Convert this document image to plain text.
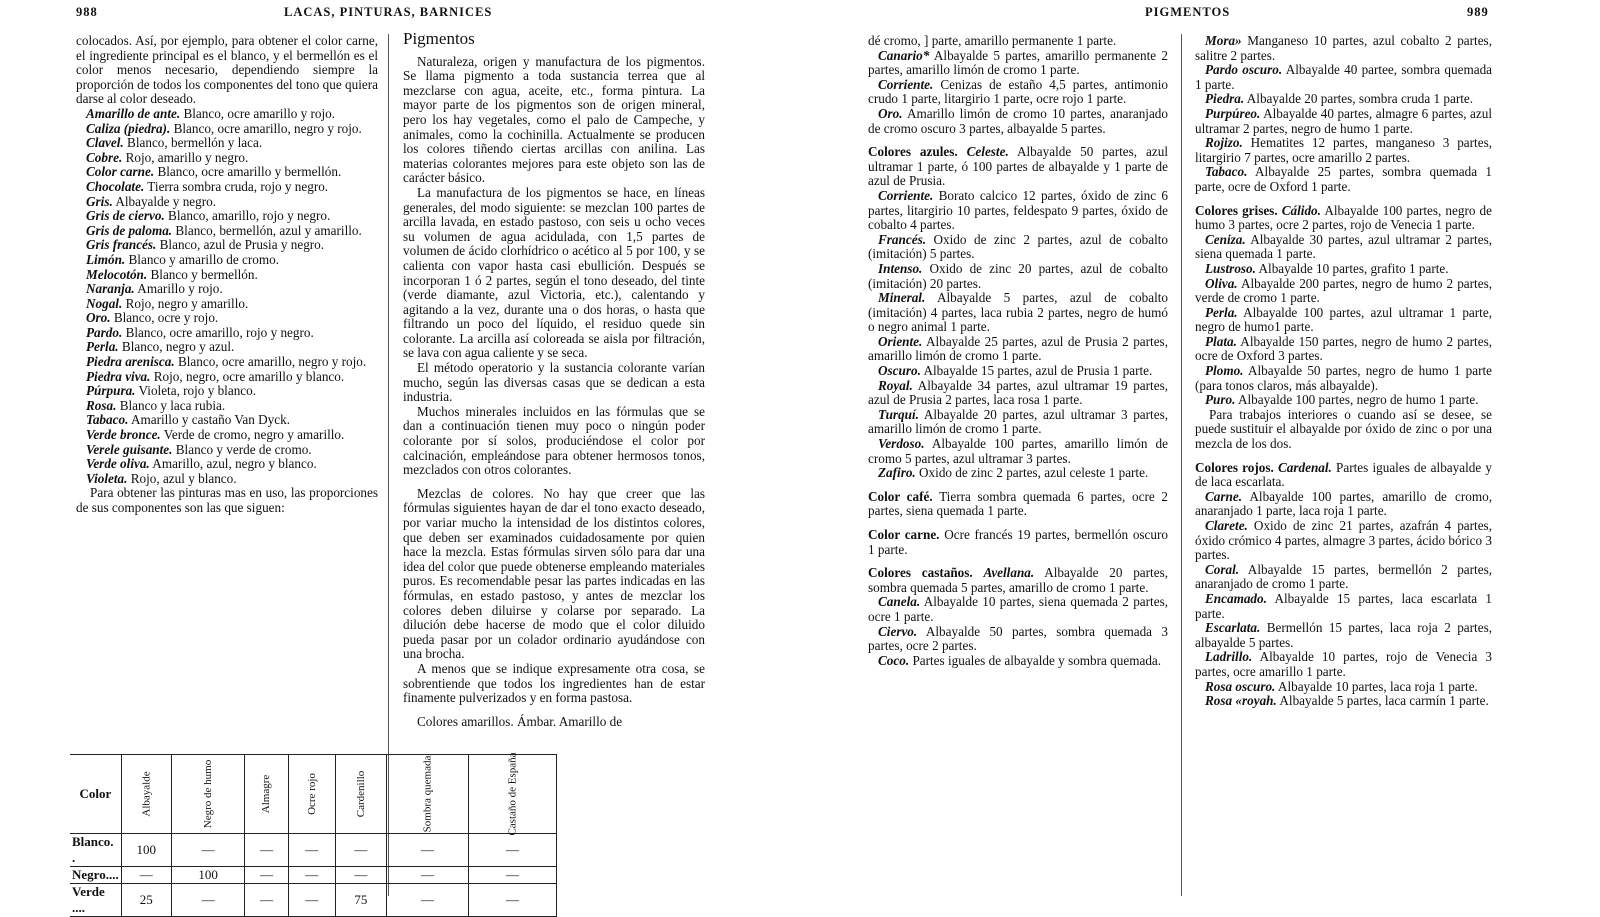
988	LACAS, PINTURAS, BARNICES	PIGMENTOS	989

colocados. Así, por ejemplo, para obtener el color carne, el ingrediente principal es el blanco, y el bermellón es el color menos necesario, dependiendo siempre la proporción de todos los componentes del tono que quiera darse al color deseado.

Amarillo de ante. Blanco, ocre amarillo y rojo.

Caliza (piedra). Blanco, ocre amarillo, negro y rojo.

Clavel. Blanco, bermellón y laca.

Cobre. Rojo, amarillo y negro.

Color carne. Blanco, ocre amarillo y bermellón.

Chocolate. Tierra sombra cruda, rojo y negro.

Gris. Albayalde y negro.

Gris de ciervo. Blanco, amarillo, rojo y negro.

Gris de paloma. Blanco, bermellón, azul y amarillo.

Gris francés. Blanco, azul de Prusia y negro.

Limón. Blanco y amarillo de cromo.

Melocotón. Blanco y bermellón.

Naranja. Amarillo y rojo.

Nogal. Rojo, negro y amarillo.

Oro. Blanco, ocre y rojo.

Pardo. Blanco, ocre amarillo, rojo y negro.

Perla. Blanco, negro y azul.

Piedra arenisca. Blanco, ocre amarillo, negro y rojo.

Piedra viva. Rojo, negro, ocre amarillo y blanco.

Púrpura. Violeta, rojo y blanco.

Rosa. Blanco y laca rubia.

Tabaco. Amarillo y castaño Van Dyck.

Verde bronce. Verde de cromo, negro y amarillo.

Verele guisante. Blanco y verde de cromo.

Verde oliva. Amarillo, azul, negro y blanco.

Violeta. Rojo, azul y blanco.

Para obtener las pinturas mas en uso, las proporciones de sus componentes son las que siguen:

Color	Albayalde	Negro de humo	Almagre	Ocre rojo	Cardenillo	Sombra quemada	Castaño de España
Blanco. .	100	—	—	—	—	—	—
Negro....	—	100	—	—	—	—	—
Verde ....	25	—	—	—	75	—	—
Pigmentos

Naturaleza, origen y manufactura de los pigmentos. Se llama pigmento a toda sustancia terrea que al mezclarse con agua, aceite, etc., forma pintura. La mayor parte de los pigmentos son de origen mineral, pero los hay vegetales, como el palo de Campeche, y animales, como la cochinilla. Actualmente se producen los colores tiñendo ciertas arcillas con anilina. Las materias colorantes mejores para este objeto son las de carácter básico.

La manufactura de los pigmentos se hace, en líneas generales, del modo siguiente: se mezclan 100 partes de arcilla lavada, en estado pastoso, con seis u ocho veces su volumen de agua acidulada, con 1,5 partes de volumen de ácido clorhídrico o acético al 5 por 100, y se calienta con vapor hasta casi ebullición. Después se incorporan 1 ó 2 partes, según el tono deseado, del tinte (verde diamante, azul Victoria, etc.), calentando y agitando a la vez, durante una o dos horas, o hasta que filtrando un poco del líquido, el residuo quede sin colorante. La arcilla así coloreada se aisla por filtración, se lava con agua caliente y se seca.

El método operatorio y la sustancia colorante varían mucho, según las diversas casas que se dedican a esta industria.

Muchos minerales incluidos en las fórmulas que se dan a continuación tienen muy poco o ningún poder colorante por sí solos, produciéndose el color por calcinación, empleándose para obtener hermosos tonos, mezclados con otros colorantes.

Mezclas de colores. No hay que creer que las fórmulas siguientes hayan de dar el tono exacto deseado, por variar mucho la intensidad de los distintos colores, que deben ser examinados cuidadosamente por quien hace la mezcla. Estas fórmulas sirven sólo para dar una idea del color que puede obtenerse empleando materiales puros. Es recomendable pesar las partes indicadas en las fórmulas, en estado pastoso, y antes de mezclar los colores deben diluirse y colarse por separado. La dilución debe hacerse de modo que el color diluido pueda pasar por un colador ordinario ayudándose con una brocha.

A menos que se indique expresamente otra cosa, se sobrentiende que todos los ingredientes han de estar finamente pulverizados y en forma pastosa.

Colores amarillos. Ámbar. Amarillo de

dé cromo, ] parte, amarillo permanente 1 parte.

Canario* Albayalde 5 partes, amarillo permanente 2 partes, amarillo limón de cromo 1 parte.

Corriente. Cenizas de estaño 4,5 partes, antimonio crudo 1 parte, litargirio 1 parte, ocre rojo 1 parte.

Oro. Amarillo limón de cromo 10 partes, anaranjado de cromo oscuro 3 partes, albayalde 5 partes.

Colores azules. Celeste. Albayalde 50 partes, azul ultramar 1 parte, ó 100 partes de albayalde y 1 parte de azul de Prusia.

Corriente. Borato calcico 12 partes, óxido de zinc 6 partes, litargirio 10 partes, feldespato 9 partes, óxido de cobalto 4 partes.

Francés. Oxido de zinc 2 partes, azul de cobalto (imitación) 5 partes.

Intenso. Oxido de zinc 20 partes, azul de cobalto (imitación) 20 partes.

Mineral. Albayalde 5 partes, azul de cobalto (imitación) 4 partes, laca rubia 2 partes, negro de humó o negro animal 1 parte.

Oriente. Albayalde 25 partes, azul de Prusia 2 partes, amarillo limón de cromo 1 parte.

Oscuro. Albayalde 15 partes, azul de Prusia 1 parte.

Royal. Albayalde 34 partes, azul ultramar 19 partes, azul de Prusia 2 partes, laca rosa 1 parte.

Turquí. Albayalde 20 partes, azul ultramar 3 partes, amarillo limón de cromo 1 parte.

Verdoso. Albayalde 100 partes, amarillo limón de cromo 5 partes, azul ultramar 3 partes.

Zafiro. Oxido de zinc 2 partes, azul celeste 1 parte.

Color café. Tierra sombra quemada 6 partes, ocre 2 partes, siena quemada 1 parte.

Color carne. Ocre francés 19 partes, bermellón oscuro 1 parte.

Colores castaños. Avellana. Albayalde 20 partes, sombra quemada 5 partes, amarillo de cromo 1 parte.

Canela. Albayalde 10 partes, siena quemada 2 partes, ocre 1 parte.

Ciervo. Albayalde 50 partes, sombra quemada 3 partes, ocre 2 partes.

Coco. Partes iguales de albayalde y sombra quemada.

Mora» Manganeso 10 partes, azul cobalto 2 partes, salitre 2 partes.

Pardo oscuro. Albayalde 40 partee, sombra quemada 1 parte.

Piedra. Albayalde 20 partes, sombra cruda 1 parte.

Purpúreo. Albayalde 40 partes, almagre 6 partes, azul ultramar 2 partes, negro de humo 1 parte.

Rojizo. Hematites 12 partes, manganeso 3 partes, litargirio 7 partes, ocre amarillo 2 partes.

Tabaco. Albayalde 25 partes, sombra quemada 1 parte, ocre de Oxford 1 parte.

Colores grises. Cálido. Albayalde 100 partes, negro de humo 3 partes, ocre 2 partes, rojo de Venecia 1 parte.

Ceniza. Albayalde 30 partes, azul ultramar 2 partes, siena quemada 1 parte.

Lustroso. Albayalde 10 partes, grafito 1 parte.

Oliva. Albayalde 200 partes, negro de humo 2 partes, verde de cromo 1 parte.

Perla. Albayalde 100 partes, azul ultramar 1 parte, negro de humo1 parte.

Plata. Albayalde 150 partes, negro de humo 2 partes, ocre de Oxford 3 partes.

Plomo. Albayalde 50 partes, negro de humo 1 parte (para tonos claros, más albayalde).

Puro. Albayalde 100 partes, negro de humo 1 parte.

Para trabajos interiores o cuando así se desee, se puede sustituir el albayalde por óxido de zinc o por una mezcla de los dos.

Colores rojos. Cardenal. Partes iguales de albayalde y de laca escarlata.

Carne. Albayalde 100 partes, amarillo de cromo, anaranjado 1 parte, laca roja 1 parte.

Clarete. Oxido de zinc 21 partes, azafrán 4 partes, óxido crómico 4 partes, almagre 3 partes, ácido bórico 3 partes.

Coral. Albayalde 15 partes, bermellón 2 partes, anaranjado de cromo 1 parte.

Encamado. Albayalde 15 partes, laca escarlata 1 parte.

Escarlata. Bermellón 15 partes, laca roja 2 partes, albayalde 5 partes.

Ladrillo. Albayalde 10 partes, rojo de Venecia 3 partes, ocre amarillo 1 parte.

Rosa oscuro. Albayalde 10 partes, laca roja 1 parte.

Rosa «royah. Albayalde 5 partes, laca carmín 1 parte.
